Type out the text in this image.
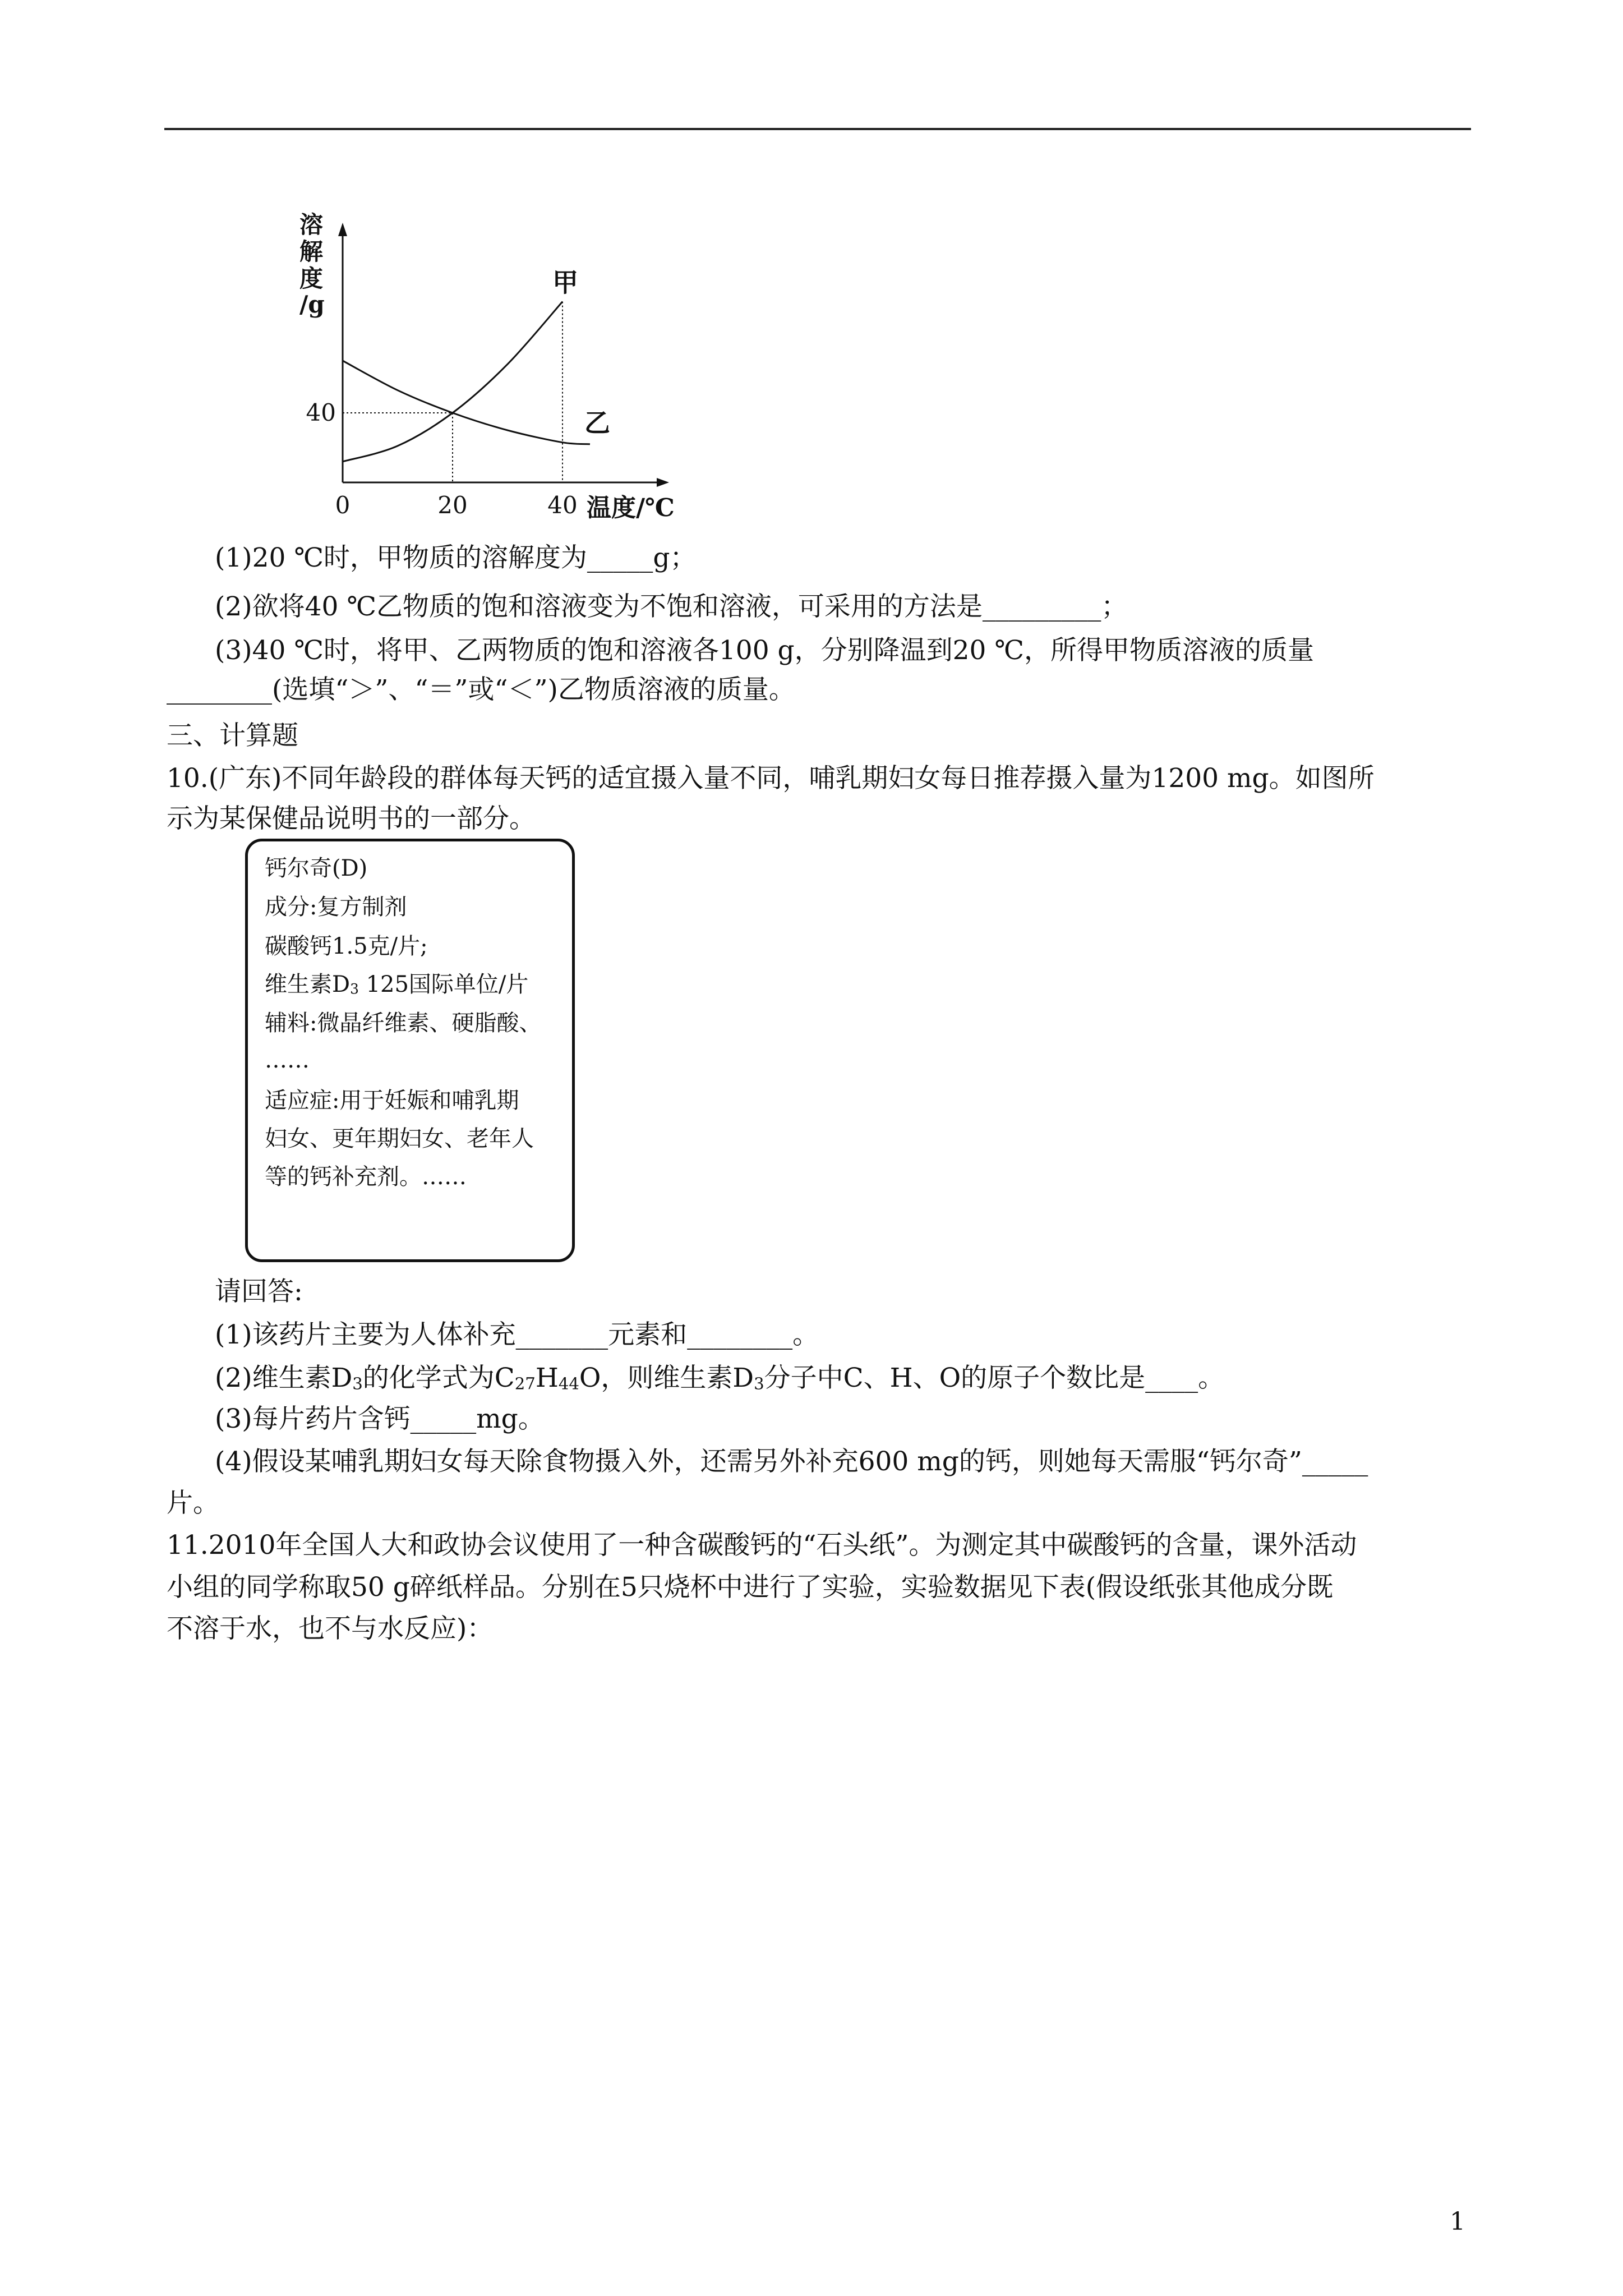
溶
解
度
/g
温度/℃
0	20	40
40
甲
乙
(1)20 ℃时，甲物质的溶解度为_____g；
(2)欲将40 ℃乙物质的饱和溶液变为不饱和溶液，可采用的方法是_________；
(3)40 ℃时，将甲、乙两物质的饱和溶液各100 g，分别降温到20 ℃，所得甲物质溶液的质量
________(选填“＞”、“＝”或“＜”)乙物质溶液的质量。
三、计算题
10.(广东)不同年龄段的群体每天钙的适宜摄入量不同，哺乳期妇女每日推荐摄入量为1200 mg。如图所
示为某保健品说明书的一部分。
钙尔奇(D)
成分:复方制剂
碳酸钙1.5克/片;
维生素$D_3$ 125国际单位/片
辅料:微晶纤维素、硬脂酸、
……
适应症:用于妊娠和哺乳期
妇女、更年期妇女、老年人
等的钙补充剂。……
请回答:
(1)该药片主要为人体补充_______元素和________。
(2)维生素$D_3$的化学式为$C_{27}H_{44}O$，则维生素$D_3$分子中C、H、O的原子个数比是____。
(3)每片药片含钙_____mg。
(4)假设某哺乳期妇女每天除食物摄入外，还需另外补充600 mg的钙，则她每天需服“钙尔奇”_____
片。
11.2010年全国人大和政协会议使用了一种含碳酸钙的“石头纸”。为测定其中碳酸钙的含量，课外活动
小组的同学称取50 g碎纸样品。分别在5只烧杯中进行了实验，实验数据见下表(假设纸张其他成分既
不溶于水，也不与水反应)：
1
